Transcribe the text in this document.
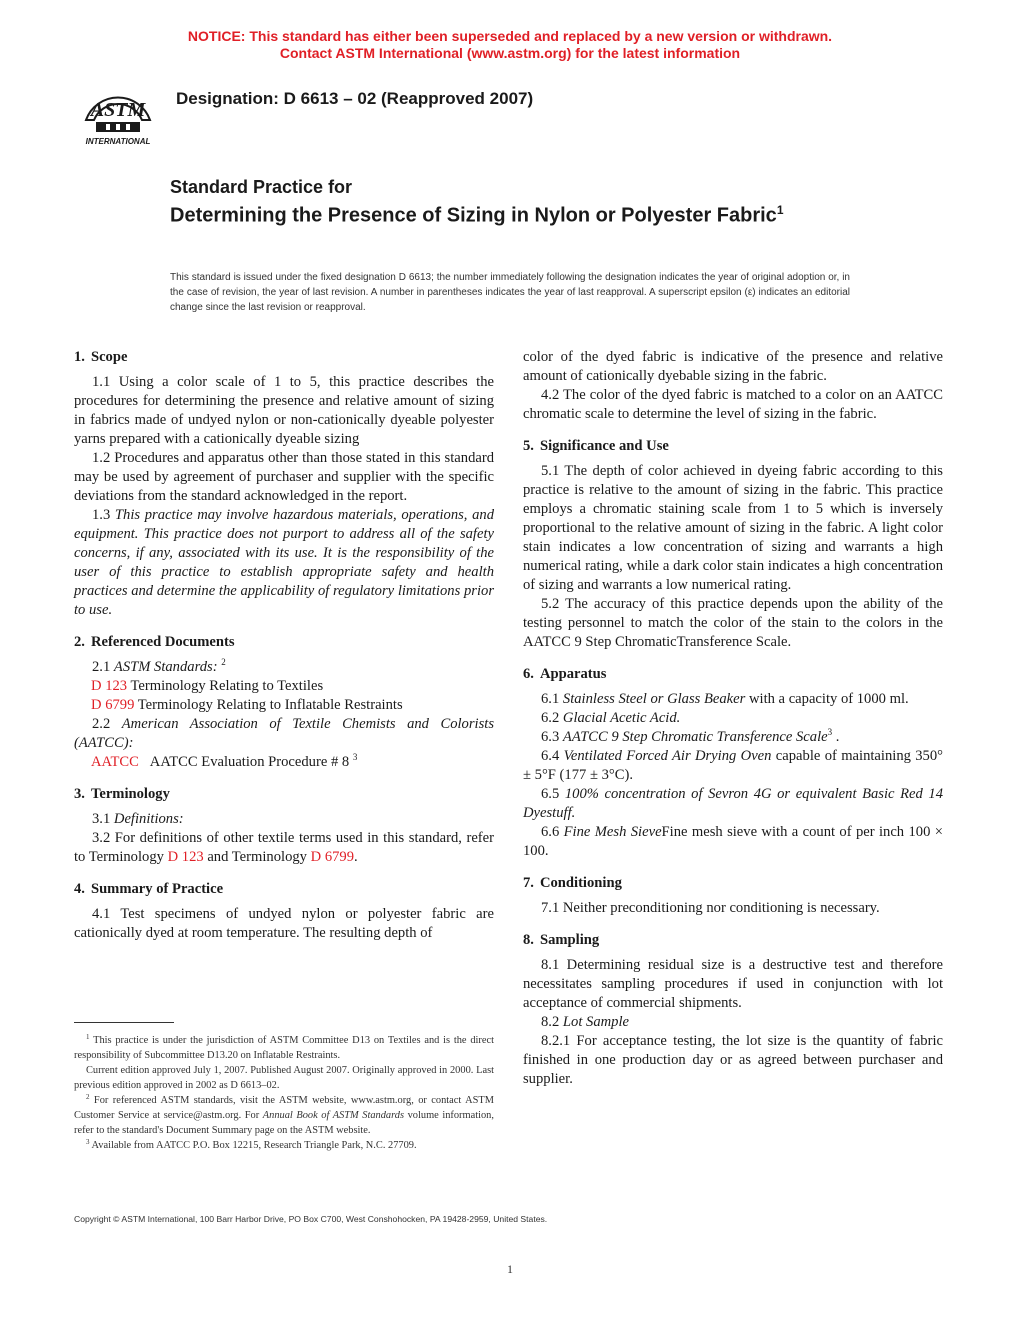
NOTICE: This standard has either been superseded and replaced by a new version or withdrawn.
Contact ASTM International (www.astm.org) for the latest information
ASTM
INTERNATIONAL
Designation: D 6613 – 02 (Reapproved 2007)
Standard Practice for
Determining the Presence of Sizing in Nylon or Polyester Fabric$^1$
This standard is issued under the fixed designation D 6613; the number immediately following the designation indicates the year of original adoption or, in the case of revision, the year of last revision. A number in parentheses indicates the year of last reapproval. A superscript epsilon (ε) indicates an editorial change since the last revision or reapproval.
1. Scope

1.1 Using a color scale of 1 to 5, this practice describes the procedures for determining the presence and relative amount of sizing in fabrics made of undyed nylon or non-cationically dyeable polyester yarns prepared with a cationically dyeable sizing

1.2 Procedures and apparatus other than those stated in this standard may be used by agreement of purchaser and supplier with the specific deviations from the standard acknowledged in the report.

1.3 This practice may involve hazardous materials, operations, and equipment. This practice does not purport to address all of the safety concerns, if any, associated with its use. It is the responsibility of the user of this practice to establish appropriate safety and health practices and determine the applicability of regulatory limitations prior to use.

2. Referenced Documents

2.1 ASTM Standards: $^2$

D 123 Terminology Relating to Textiles

D 6799 Terminology Relating to Inflatable Restraints

2.2 American Association of Textile Chemists and Colorists (AATCC):

AATCC AATCC Evaluation Procedure # 8 $^3$

3. Terminology

3.1 Definitions:

3.2 For definitions of other textile terms used in this standard, refer to Terminology D 123 and Terminology D 6799.

4. Summary of Practice

4.1 Test specimens of undyed nylon or polyester fabric are cationically dyed at room temperature. The resulting depth of

$^1$ This practice is under the jurisdiction of ASTM Committee D13 on Textiles and is the direct responsibility of Subcommittee D13.20 on Inflatable Restraints.

Current edition approved July 1, 2007. Published August 2007. Originally approved in 2000. Last previous edition approved in 2002 as D 6613–02.

$^2$ For referenced ASTM standards, visit the ASTM website, www.astm.org, or contact ASTM Customer Service at service@astm.org. For Annual Book of ASTM Standards volume information, refer to the standard's Document Summary page on the ASTM website.

$^3$ Available from AATCC P.O. Box 12215, Research Triangle Park, N.C. 27709.

color of the dyed fabric is indicative of the presence and relative amount of cationically dyebable sizing in the fabric.

4.2 The color of the dyed fabric is matched to a color on an AATCC chromatic scale to determine the level of sizing in the fabric.

5. Significance and Use

5.1 The depth of color achieved in dyeing fabric according to this practice is relative to the amount of sizing in the fabric. This practice employs a chromatic staining scale from 1 to 5 which is inversely proportional to the relative amount of sizing in the fabric. A light color stain indicates a low concentration of sizing and warrants a high numerical rating, while a dark color stain indicates a high concentration of sizing and warrants a low numerical rating.

5.2 The accuracy of this practice depends upon the ability of the testing personnel to match the color of the stain to the colors in the AATCC 9 Step ChromaticTransference Scale.

6. Apparatus

6.1 Stainless Steel or Glass Beaker with a capacity of 1000 ml.

6.2 Glacial Acetic Acid.

6.3 AATCC 9 Step Chromatic Transference Scale$^3$ .

6.4 Ventilated Forced Air Drying Oven capable of maintaining 350° ± 5°F (177 ± 3°C).

6.5 100% concentration of Sevron 4G or equivalent Basic Red 14 Dyestuff.

6.6 Fine Mesh SieveFine mesh sieve with a count of per inch 100 × 100.

7. Conditioning

7.1 Neither preconditioning nor conditioning is necessary.

8. Sampling

8.1 Determining residual size is a destructive test and therefore necessitates sampling procedures if used in conjunction with lot acceptance of commercial shipments.

8.2 Lot Sample

8.2.1 For acceptance testing, the lot size is the quantity of fabric finished in one production day or as agreed between purchaser and supplier.

Copyright © ASTM International, 100 Barr Harbor Drive, PO Box C700, West Conshohocken, PA 19428-2959, United States.
1
